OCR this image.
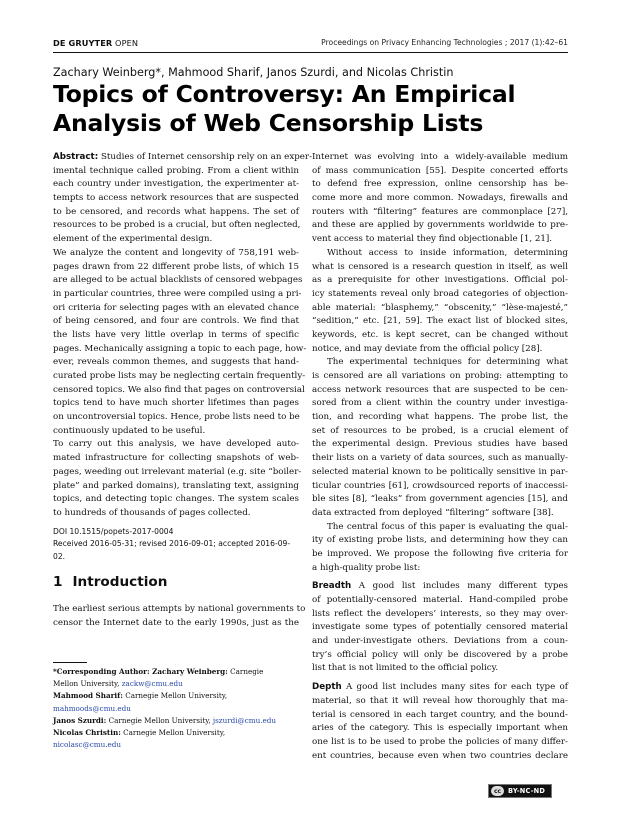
DE GRUYTER OPEN	Proceedings on Privacy Enhancing Technologies ; 2017 (1):42–61
Zachary Weinberg*, Mahmood Sharif, Janos Szurdi, and Nicolas Christin
Topics of Controversy: An Empirical
Analysis of Web Censorship Lists
Abstract: Studies of Internet censorship rely on an exper-
imental technique called probing. From a client within
each country under investigation, the experimenter at-
tempts to access network resources that are suspected
to be censored, and records what happens. The set of
resources to be probed is a crucial, but often neglected,
element of the experimental design.
We analyze the content and longevity of 758,191 web-
pages drawn from 22 different probe lists, of which 15
are alleged to be actual blacklists of censored webpages
in particular countries, three were compiled using a pri-
ori criteria for selecting pages with an elevated chance
of being censored, and four are controls. We find that
the lists have very little overlap in terms of specific
pages. Mechanically assigning a topic to each page, how-
ever, reveals common themes, and suggests that hand-
curated probe lists may be neglecting certain frequently-
censored topics. We also find that pages on controversial
topics tend to have much shorter lifetimes than pages
on uncontroversial topics. Hence, probe lists need to be
continuously updated to be useful.
To carry out this analysis, we have developed auto-
mated infrastructure for collecting snapshots of web-
pages, weeding out irrelevant material (e.g. site “boiler-
plate” and parked domains), translating text, assigning
topics, and detecting topic changes. The system scales
to hundreds of thousands of pages collected.
DOI 10.1515/popets-2017-0004
Received 2016-05-31; revised 2016-09-01; accepted 2016-09-02.
1 Introduction
The earliest serious attempts by national governments to
censor the Internet date to the early 1990s, just as the
*Corresponding Author: Zachary Weinberg: Carnegie
Mellon University, zackw@cmu.edu
Mahmood Sharif: Carnegie Mellon University,
mahmoods@cmu.edu
Janos Szurdi: Carnegie Mellon University, jszurdi@cmu.edu
Nicolas Christin: Carnegie Mellon University,
nicolasc@cmu.edu
Internet was evolving into a widely-available medium
of mass communication [55]. Despite concerted efforts
to defend free expression, online censorship has be-
come more and more common. Nowadays, firewalls and
routers with “filtering” features are commonplace [27],
and these are applied by governments worldwide to pre-
vent access to material they find objectionable [1, 21].
Without access to inside information, determining
what is censored is a research question in itself, as well
as a prerequisite for other investigations. Official pol-
icy statements reveal only broad categories of objection-
able material: “blasphemy,” “obscenity,” “lèse-majesté,”
“sedition,” etc. [21, 59]. The exact list of blocked sites,
keywords, etc. is kept secret, can be changed without
notice, and may deviate from the official policy [28].
The experimental techniques for determining what
is censored are all variations on probing: attempting to
access network resources that are suspected to be cen-
sored from a client within the country under investiga-
tion, and recording what happens. The probe list, the
set of resources to be probed, is a crucial element of
the experimental design. Previous studies have based
their lists on a variety of data sources, such as manually-
selected material known to be politically sensitive in par-
ticular countries [61], crowdsourced reports of inaccessi-
ble sites [8], “leaks” from government agencies [15], and
data extracted from deployed “filtering” software [38].
The central focus of this paper is evaluating the qual-
ity of existing probe lists, and determining how they can
be improved. We propose the following five criteria for
a high-quality probe list:
Breadth A good list includes many different types
of potentially-censored material. Hand-compiled probe
lists reflect the developers’ interests, so they may over-
investigate some types of potentially censored material
and under-investigate others. Deviations from a coun-
try’s official policy will only be discovered by a probe
list that is not limited to the official policy.
Depth A good list includes many sites for each type of
material, so that it will reveal how thoroughly that ma-
terial is censored in each target country, and the bound-
aries of the category. This is especially important when
one list is to be used to probe the policies of many differ-
ent countries, because even when two countries declare
cc	BY-NC-ND
